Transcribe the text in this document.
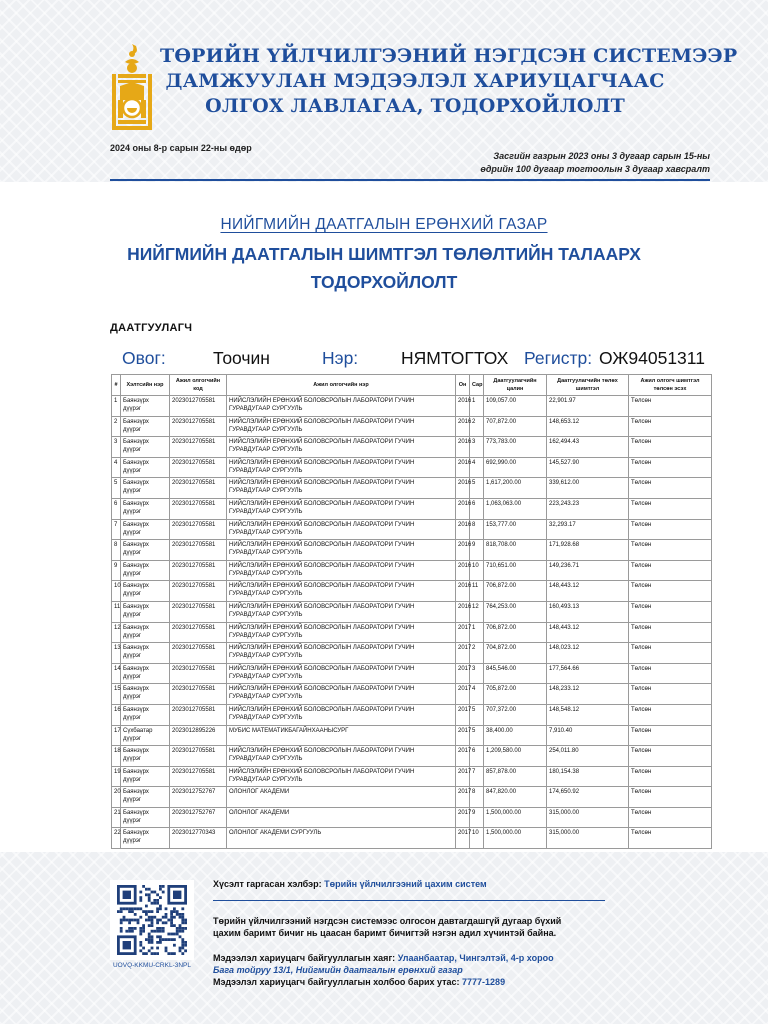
ТӨРИЙН ҮЙЛЧИЛГЭЭНИЙ НЭГДСЭН СИСТЕМЭЭР
ДАМЖУУЛАН МЭДЭЭЛЭЛ ХАРИУЦАГЧААС
ОЛГОХ ЛАВЛАГАА, ТОДОРХОЙЛОЛТ
2024 оны 8-р сарын 22-ны өдөр
Засгийн газрын 2023 оны 3 дугаар сарын 15-ны
өдрийн 100 дугаар тогтоолын 3 дугаар хавсралт
НИЙГМИЙН ДААТГАЛЫН ЕРӨНХИЙ ГАЗАР
НИЙГМИЙН ДААТГАЛЫН ШИМТГЭЛ ТӨЛӨЛТИЙН ТАЛААРХ
ТОДОРХОЙЛОЛТ
ДААТГУУЛАГЧ
Овог:	Тоочин	Нэр: НЯМТОГТОХ Регистр: ОЖ94051311
#	Хэлтсийн нэр	Ажил олгогчийн код	Ажил олгогчийн нэр	Он	Сар	Даатгуулагчийн цалин	Даатгуулагчийн төлөх шимтгэл	Ажил олгогч шимтгэл төлсөн эсэх
1	Баянзүрх дүүрэг	2023012705581	НИЙСЛЭЛИЙН ЕРӨНХИЙ БОЛОВСРОЛЫН ЛАБОРАТОРИ ГУЧИН ГУРАВДУГААР СУРГУУЛЬ	2016	1	109,057.00	22,901.97	Төлсөн
2	Баянзүрх дүүрэг	2023012705581	НИЙСЛЭЛИЙН ЕРӨНХИЙ БОЛОВСРОЛЫН ЛАБОРАТОРИ ГУЧИН ГУРАВДУГААР СУРГУУЛЬ	2016	2	707,872.00	148,653.12	Төлсөн
3	Баянзүрх дүүрэг	2023012705581	НИЙСЛЭЛИЙН ЕРӨНХИЙ БОЛОВСРОЛЫН ЛАБОРАТОРИ ГУЧИН ГУРАВДУГААР СУРГУУЛЬ	2016	3	773,783.00	162,494.43	Төлсөн
4	Баянзүрх дүүрэг	2023012705581	НИЙСЛЭЛИЙН ЕРӨНХИЙ БОЛОВСРОЛЫН ЛАБОРАТОРИ ГУЧИН ГУРАВДУГААР СУРГУУЛЬ	2016	4	692,990.00	145,527.90	Төлсөн
5	Баянзүрх дүүрэг	2023012705581	НИЙСЛЭЛИЙН ЕРӨНХИЙ БОЛОВСРОЛЫН ЛАБОРАТОРИ ГУЧИН ГУРАВДУГААР СУРГУУЛЬ	2016	5	1,617,200.00	339,612.00	Төлсөн
6	Баянзүрх дүүрэг	2023012705581	НИЙСЛЭЛИЙН ЕРӨНХИЙ БОЛОВСРОЛЫН ЛАБОРАТОРИ ГУЧИН ГУРАВДУГААР СУРГУУЛЬ	2016	6	1,063,063.00	223,243.23	Төлсөн
7	Баянзүрх дүүрэг	2023012705581	НИЙСЛЭЛИЙН ЕРӨНХИЙ БОЛОВСРОЛЫН ЛАБОРАТОРИ ГУЧИН ГУРАВДУГААР СУРГУУЛЬ	2016	8	153,777.00	32,293.17	Төлсөн
8	Баянзүрх дүүрэг	2023012705581	НИЙСЛЭЛИЙН ЕРӨНХИЙ БОЛОВСРОЛЫН ЛАБОРАТОРИ ГУЧИН ГУРАВДУГААР СУРГУУЛЬ	2016	9	818,708.00	171,928.68	Төлсөн
9	Баянзүрх дүүрэг	2023012705581	НИЙСЛЭЛИЙН ЕРӨНХИЙ БОЛОВСРОЛЫН ЛАБОРАТОРИ ГУЧИН ГУРАВДУГААР СУРГУУЛЬ	2016	10	710,651.00	149,236.71	Төлсөн
10	Баянзүрх дүүрэг	2023012705581	НИЙСЛЭЛИЙН ЕРӨНХИЙ БОЛОВСРОЛЫН ЛАБОРАТОРИ ГУЧИН ГУРАВДУГААР СУРГУУЛЬ	2016	11	706,872.00	148,443.12	Төлсөн
11	Баянзүрх дүүрэг	2023012705581	НИЙСЛЭЛИЙН ЕРӨНХИЙ БОЛОВСРОЛЫН ЛАБОРАТОРИ ГУЧИН ГУРАВДУГААР СУРГУУЛЬ	2016	12	764,253.00	160,493.13	Төлсөн
12	Баянзүрх дүүрэг	2023012705581	НИЙСЛЭЛИЙН ЕРӨНХИЙ БОЛОВСРОЛЫН ЛАБОРАТОРИ ГУЧИН ГУРАВДУГААР СУРГУУЛЬ	2017	1	706,872.00	148,443.12	Төлсөн
13	Баянзүрх дүүрэг	2023012705581	НИЙСЛЭЛИЙН ЕРӨНХИЙ БОЛОВСРОЛЫН ЛАБОРАТОРИ ГУЧИН ГУРАВДУГААР СУРГУУЛЬ	2017	2	704,872.00	148,023.12	Төлсөн
14	Баянзүрх дүүрэг	2023012705581	НИЙСЛЭЛИЙН ЕРӨНХИЙ БОЛОВСРОЛЫН ЛАБОРАТОРИ ГУЧИН ГУРАВДУГААР СУРГУУЛЬ	2017	3	845,546.00	177,564.66	Төлсөн
15	Баянзүрх дүүрэг	2023012705581	НИЙСЛЭЛИЙН ЕРӨНХИЙ БОЛОВСРОЛЫН ЛАБОРАТОРИ ГУЧИН ГУРАВДУГААР СУРГУУЛЬ	2017	4	705,872.00	148,233.12	Төлсөн
16	Баянзүрх дүүрэг	2023012705581	НИЙСЛЭЛИЙН ЕРӨНХИЙ БОЛОВСРОЛЫН ЛАБОРАТОРИ ГУЧИН ГУРАВДУГААР СУРГУУЛЬ	2017	5	707,372.00	148,548.12	Төлсөн
17	Сүхбаатар дүүрэг	2023012895226	МУБИС МАТЕМАТИКБАГАЙНХААНЫСУРГ	2017	5	38,400.00	7,910.40	Төлсөн
18	Баянзүрх дүүрэг	2023012705581	НИЙСЛЭЛИЙН ЕРӨНХИЙ БОЛОВСРОЛЫН ЛАБОРАТОРИ ГУЧИН ГУРАВДУГААР СУРГУУЛЬ	2017	6	1,209,580.00	254,011.80	Төлсөн
19	Баянзүрх дүүрэг	2023012705581	НИЙСЛЭЛИЙН ЕРӨНХИЙ БОЛОВСРОЛЫН ЛАБОРАТОРИ ГУЧИН ГУРАВДУГААР СУРГУУЛЬ	2017	7	857,878.00	180,154.38	Төлсөн
20	Баянзүрх дүүрэг	2023012752767	ОЛОНЛОГ АКАДЕМИ	2017	8	847,820.00	174,650.92	Төлсөн
21	Баянзүрх дүүрэг	2023012752767	ОЛОНЛОГ АКАДЕМИ	2017	9	1,500,000.00	315,000.00	Төлсөн
22	Баянзүрх дүүрэг	2023012770343	ОЛОНЛОГ АКАДЕМИ СУРГУУЛЬ	2017	10	1,500,000.00	315,000.00	Төлсөн
UOVQ-KKMU-CRKL-3NPL
Хүсэлт гаргасан хэлбэр: Төрийн үйлчилгээний цахим систем
Төрийн үйлчилгээний нэгдсэн системээс олгосон давтагдашгүй дугаар бүхий
цахим баримт бичиг нь цаасан баримт бичигтэй нэгэн адил хүчинтэй байна.
Мэдээлэл хариуцагч байгууллагын хаяг: Улаанбаатар, Чингэлтэй, 4-р хороо
Бага тойруу 13/1, Нийгмийн даатгалын ерөнхий газар
Мэдээлэл хариуцагч байгууллагын холбоо барих утас: 7777-1289
